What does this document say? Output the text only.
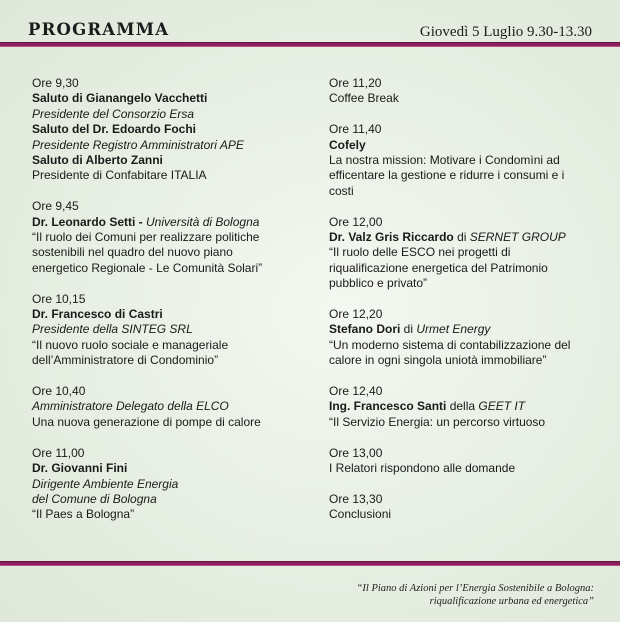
PROGRAMMA	Giovedì 5 Luglio 9.30-13.30
Ore 9,30
Saluto di Gianangelo Vacchetti
Presidente del Consorzio Ersa
Saluto del Dr. Edoardo Fochi
Presidente Registro Amministratori APE
Saluto di Alberto Zanni
Presidente di Confabitare ITALIA
Ore 9,45
Dr. Leonardo Setti - Università di Bologna
“Il ruolo dei Comuni per realizzare politiche
sostenibili nel quadro del nuovo piano
energetico Regionale - Le Comunità Solari”
Ore 10,15
Dr. Francesco di Castri
Presidente della SINTEG SRL
“Il nuovo ruolo sociale e manageriale
dell’Amministratore di Condominio”
Ore 10,40
Amministratore Delegato della ELCO
Una nuova generazione di pompe di calore
Ore 11,00
Dr. Giovanni Fini
Dirigente Ambiente Energia
del Comune di Bologna
“Il Paes a Bologna”
Ore 11,20
Coffee Break
Ore 11,40
Cofely
La nostra mission: Motivare i Condomìni ad
efficentare la gestione e ridurre i consumi e i
costi
Ore 12,00
Dr. Valz Gris Riccardo di SERNET GROUP
“Il ruolo delle ESCO nei progetti di
riqualificazione energetica del Patrimonio
pubblico e privato”
Ore 12,20
Stefano Dori di Urmet Energy
“Un moderno sistema di contabilizzazione del
calore in ogni singola uniotà immobiliare”
Ore 12,40
Ing. Francesco Santi della GEET IT
“Il Servizio Energia: un percorso virtuoso
Ore 13,00
I Relatori rispondono alle domande
Ore 13,30
Conclusioni
“Il Piano di Azioni per l’Energia Sostenibile a Bologna:
riqualificazione urbana ed energetica”
